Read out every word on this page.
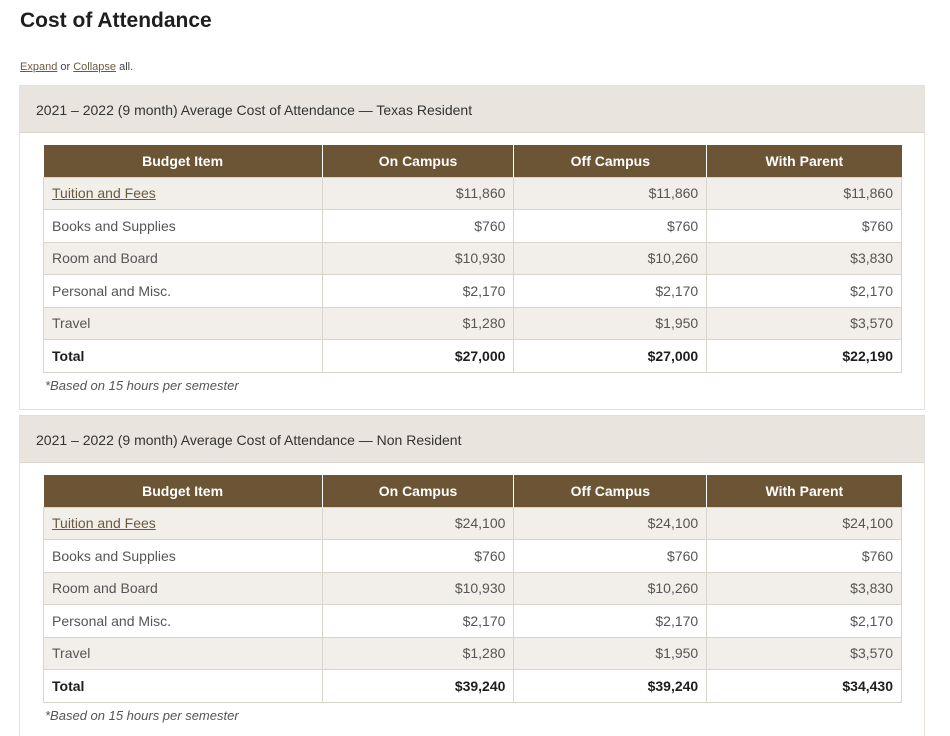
Cost of Attendance
Expand or Collapse all.
2021 – 2022 (9 month) Average Cost of Attendance — Texas Resident
Budget Item	On Campus	Off Campus	With Parent
Tuition and Fees	$11,860	$11,860	$11,860
Books and Supplies	$760	$760	$760
Room and Board	$10,930	$10,260	$3,830
Personal and Misc.	$2,170	$2,170	$2,170
Travel	$1,280	$1,950	$3,570
Total	$27,000	$27,000	$22,190
*Based on 15 hours per semester
2021 – 2022 (9 month) Average Cost of Attendance — Non Resident
Budget Item	On Campus	Off Campus	With Parent
Tuition and Fees	$24,100	$24,100	$24,100
Books and Supplies	$760	$760	$760
Room and Board	$10,930	$10,260	$3,830
Personal and Misc.	$2,170	$2,170	$2,170
Travel	$1,280	$1,950	$3,570
Total	$39,240	$39,240	$34,430
*Based on 15 hours per semester
